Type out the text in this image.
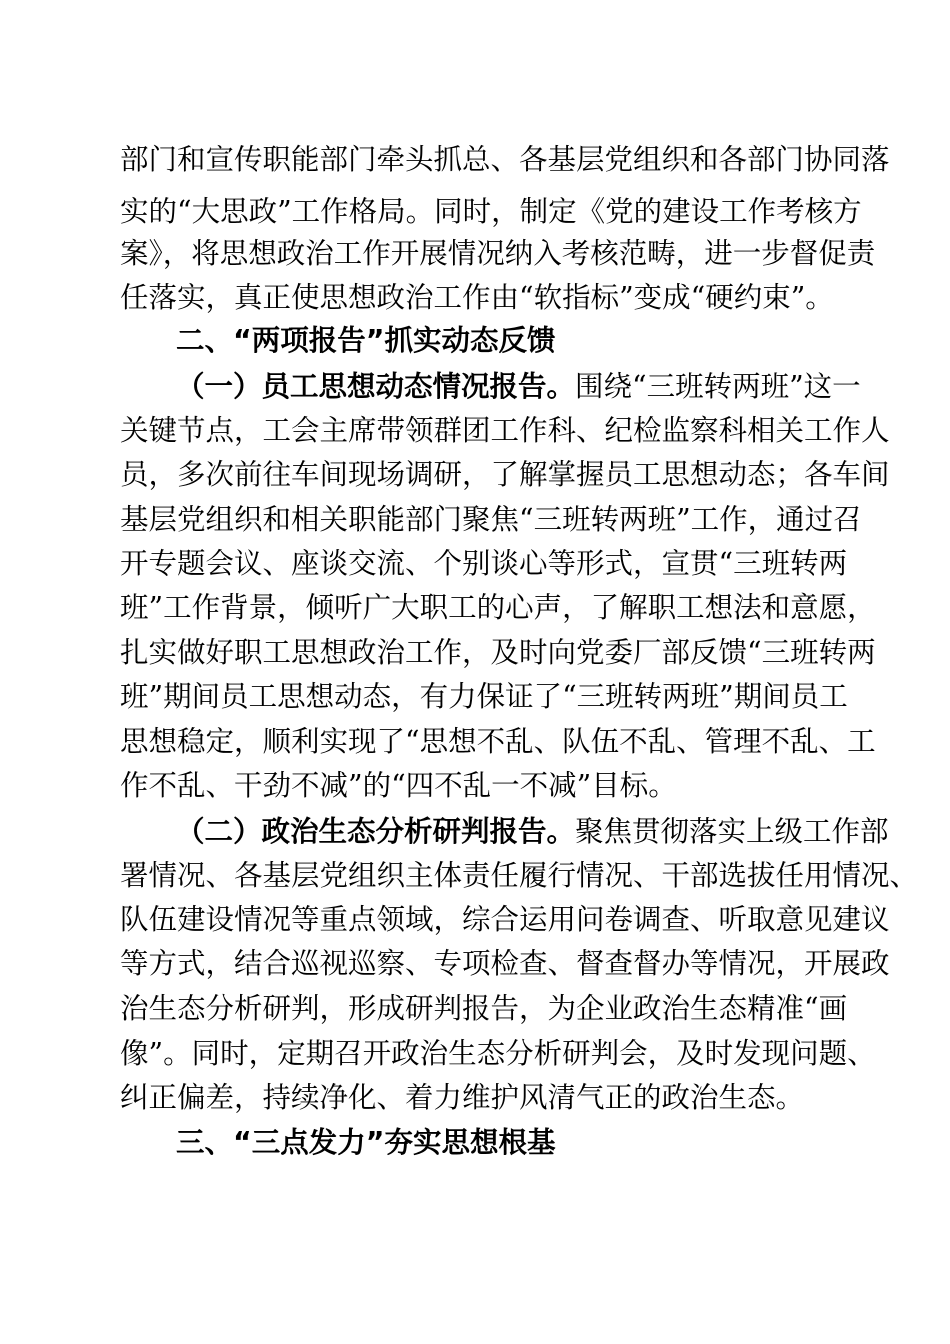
部门和宣传职能部门牵头抓总、各基层党组织和各部门协同落

实的“大思政”工作格局。同时，制定《党的建设工作考核方

案》，将思想政治工作开展情况纳入考核范畴，进一步督促责

任落实，真正使思想政治工作由“软指标”变成“硬约束”。

二、“两项报告”抓实动态反馈

（一）员工思想动态情况报告。围绕“三班转两班”这一

关键节点，工会主席带领群团工作科、纪检监察科相关工作人

员，多次前往车间现场调研，了解掌握员工思想动态；各车间

基层党组织和相关职能部门聚焦“三班转两班”工作，通过召

开专题会议、座谈交流、个别谈心等形式，宣贯“三班转两

班”工作背景，倾听广大职工的心声，了解职工想法和意愿，

扎实做好职工思想政治工作，及时向党委厂部反馈“三班转两

班”期间员工思想动态，有力保证了“三班转两班”期间员工

思想稳定，顺利实现了“思想不乱、队伍不乱、管理不乱、工

作不乱、干劲不减”的“四不乱一不减”目标。

（二）政治生态分析研判报告。聚焦贯彻落实上级工作部

署情况、各基层党组织主体责任履行情况、干部选拔任用情况、

队伍建设情况等重点领域，综合运用问卷调查、听取意见建议

等方式，结合巡视巡察、专项检查、督查督办等情况，开展政

治生态分析研判，形成研判报告，为企业政治生态精准“画

像”。同时，定期召开政治生态分析研判会，及时发现问题、

纠正偏差，持续净化、着力维护风清气正的政治生态。

三、“三点发力”夯实思想根基
